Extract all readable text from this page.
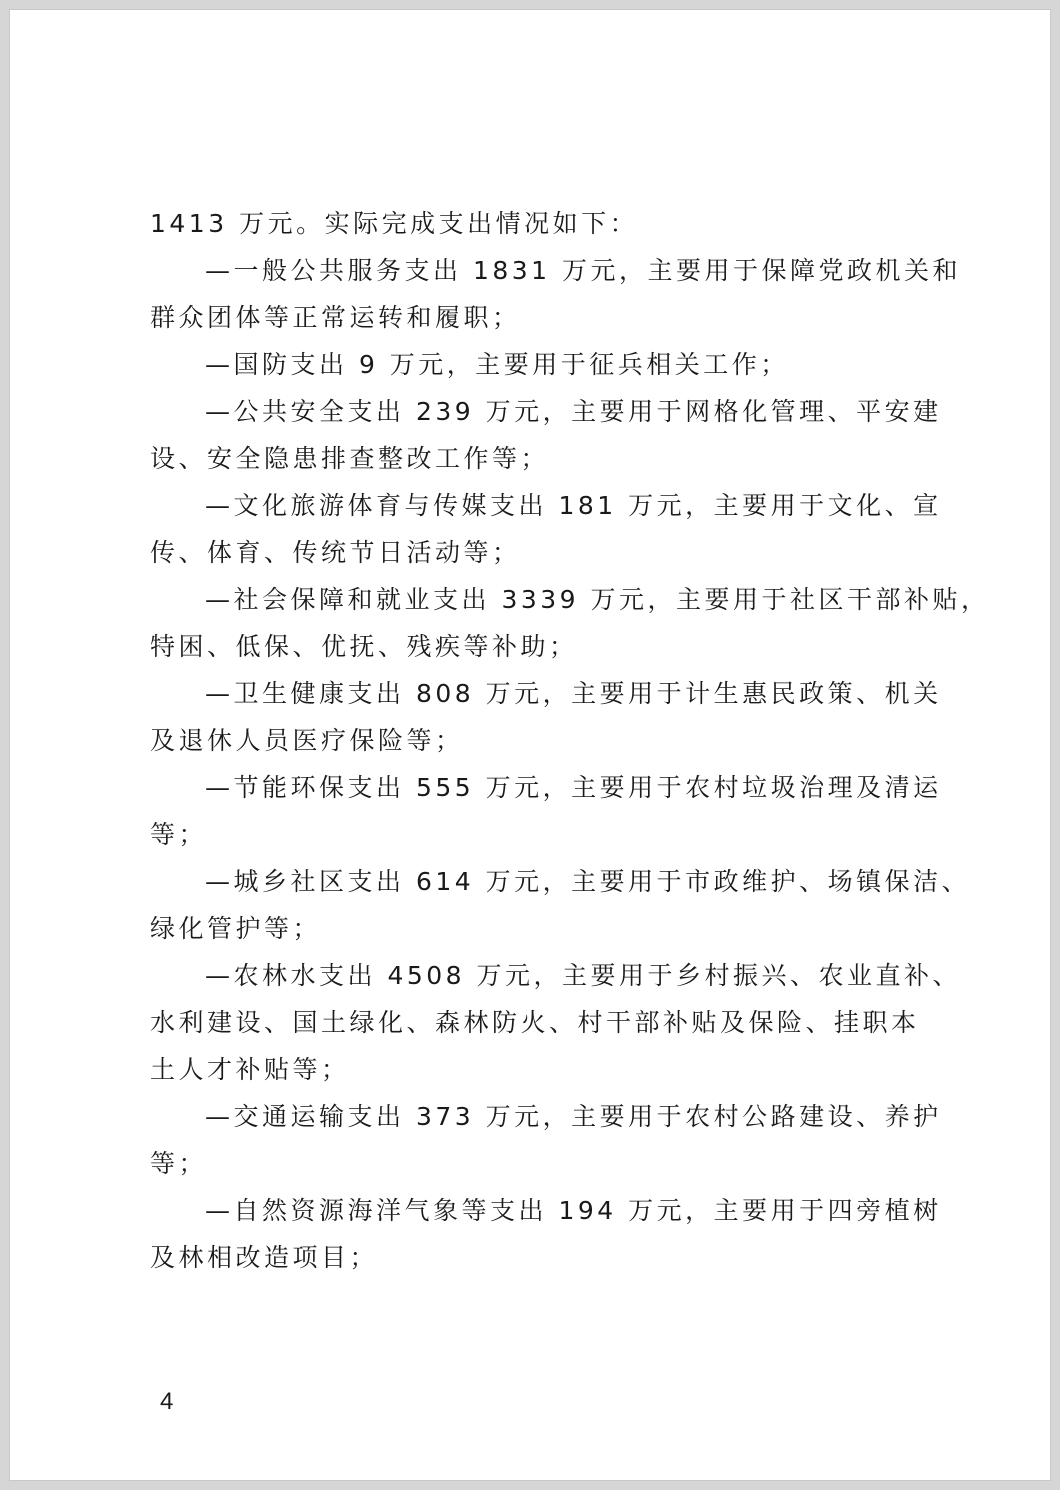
1413 万元。实际完成支出情况如下：
—一般公共服务支出 1831 万元，主要用于保障党政机关和
群众团体等正常运转和履职；
—国防支出 9 万元，主要用于征兵相关工作；
—公共安全支出 239 万元，主要用于网格化管理、平安建
设、安全隐患排查整改工作等；
—文化旅游体育与传媒支出 181 万元，主要用于文化、宣
传、体育、传统节日活动等；
—社会保障和就业支出 3339 万元，主要用于社区干部补贴，
特困、低保、优抚、残疾等补助；
—卫生健康支出 808 万元，主要用于计生惠民政策、机关
及退休人员医疗保险等；
—节能环保支出 555 万元，主要用于农村垃圾治理及清运
等；
—城乡社区支出 614 万元，主要用于市政维护、场镇保洁、
绿化管护等；
—农林水支出 4508 万元，主要用于乡村振兴、农业直补、
水利建设、国土绿化、森林防火、村干部补贴及保险、挂职本
土人才补贴等；
—交通运输支出 373 万元，主要用于农村公路建设、养护
等；
—自然资源海洋气象等支出 194 万元，主要用于四旁植树
及林相改造项目；
4
